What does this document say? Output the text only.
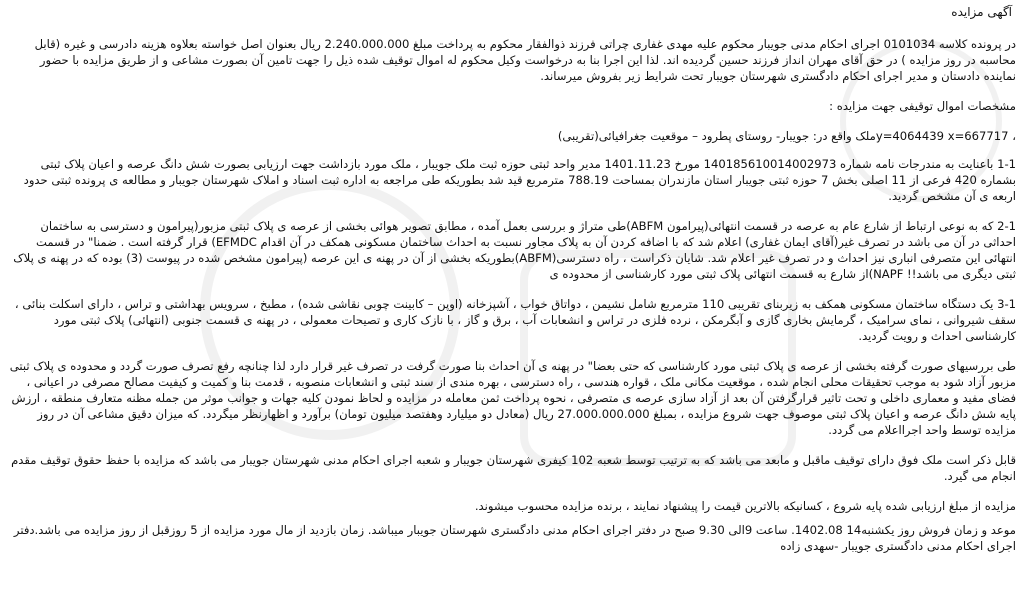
آگهی مزایده
در پرونده کلاسه 0101034 اجرای احکام مدنی جویبار محکوم علیه مهدی غفاری چراتی فرزند ذوالفقار محکوم به پرداخت مبلغ 2.240.000.000 ریال بعنوان اصل خواسته بعلاوه هزینه دادرسی و غیره (قابل محاسبه در روز مزایده ) در حق آقای مهران انداز فرزند حسین گردیده اند. لذا این اجرا بنا به درخواست وکیل محکوم له اموال توقیف شده ذیل را جهت تامین آن بصورت مشاعی و از طریق مزایده با حضور نماینده دادستان و مدیر اجرای احکام دادگستری شهرستان جویبار تحت شرایط زیر بفروش میرساند.
مشخصات اموال توقیفی جهت مزایده :
، y=4064439 x=667717ملک واقع در: جویبار- روستای پطرود – موقعیت جغرافیائی(تقریبی)
1-1 باعنایت به مندرجات نامه شماره 140185610014002973 مورخ 1401.11.23 مدیر واحد ثبتی حوزه ثبت ملک جویبار ، ملک مورد بازداشت جهت ارزیابی بصورت شش دانگ عرصه و اعیان پلاک ثبتی بشماره 420 فرعی از 11 اصلی بخش 7 حوزه ثبتی جویبار استان مازندران بمساحت 788.19 مترمربع قید شد بطوریکه طی مراجعه به اداره ثبت اسناد و املاک شهرستان جویبار و مطالعه ی پرونده ثبتی حدود اربعه ی آن مشخص گردید.
2-1 که به نوعی ارتباط از شارع عام به عرصه در قسمت انتهائی(پیرامون ABFM)طی متراژ و بررسی بعمل آمده ، مطابق تصویر هوائی بخشی از عرصه ی پلاک ثبتی مزبور(پیرامون و دسترسی به ساختمان احداثی در آن می باشد در تصرف غیر(آقای ایمان غفاری) اعلام شد که با اضافه کردن آن به پلاک مجاور نسبت به احداث ساختمان مسکونی همکف در آن اقدام EFMDC) قرار گرفته است . ضمنا" در قسمت انتهائی این متصرفی انباری نیز احداث و در تصرف غیر اعلام شد. شایان ذکراست ، راه دسترسی(ABFM)بطوریکه بخشی از آن در پهنه ی این عرصه (پیرامون مشخص شده در پیوست (3) بوده که در پهنه ی پلاک ثبتی دیگری می باشد!! NAPF)از شارع به قسمت انتهائی پلاک ثبتی مورد کارشناسی از محدوده ی
3-1 یک دستگاه ساختمان مسکونی همکف به زیربنای تقریبی 110 مترمربع شامل نشیمن ، دواتاق خواب ، آشپزخانه (اوپن – کابینت چوبی نقاشی شده) ، مطبخ ، سرویس بهداشتی و تراس ، دارای اسکلت بنائی ، سقف شیروانی ، نمای سرامیک ، گرمایش بخاری گازی و آبگرمکن ، نرده فلزی در تراس و انشعابات آب ، برق و گاز ، با نازک کاری و تصیحات معمولی ، در پهنه ی قسمت جنوبی (انتهائی) پلاک ثبتی مورد کارشناسی احداث و رویت گردید.
طی بررسیهای صورت گرفته بخشی از عرصه ی پلاک ثبتی مورد کارشناسی که حتی بعضا" در پهنه ی آن احداث بنا صورت گرفت در تصرف غیر قرار دارد لذا چنانچه رفع تصرف صورت گردد و محدوده ی پلاک ثبتی مزبور آزاد شود به موجب تحقیقات محلی انجام شده ، موقعیت مکانی ملک ، قواره هندسی ، راه دسترسی ، بهره مندی از سند ثبتی و انشعابات منصوبه ، قدمت بنا و کمیت و کیفیت مصالح مصرفی در اعیانی ، فضای مفید و معماری داخلی و تحت تاثیر قرارگرفتن آن بعد از آزاد سازی عرصه ی متصرفی ، نحوه پرداخت ثمن معامله در مزایده و لحاظ نمودن کلیه جهات و جوانب موثر من جمله مظنه متعارف منطقه ، ارزش پایه شش دانگ عرصه و اعیان پلاک ثبتی موصوف جهت شروع مزایده ، بمبلغ 27.000.000.000 ریال (معادل دو میلیارد وهفتصد میلیون تومان) برآورد و اظهارنظر میگردد. که میزان دقیق مشاعی آن در روز مزایده توسط واحد اجرااعلام می گردد.
قابل ذکر است ملک فوق دارای توقیف ماقبل و مابعد می باشد که به ترتیب توسط شعبه 102 کیفری شهرستان جویبار و شعبه اجرای احکام مدنی شهرستان جویبار می باشد که مزایده با حفظ حقوق توقیف مقدم انجام می گیرد.
مزایده از مبلغ ارزیابی شده پایه شروع ، کسانیکه بالاترین قیمت را پیشنهاد نمایند ، برنده مزایده محسوب میشوند.
موعد و زمان فروش روز یکشنبه14 1402.08. ساعت 9الی 9.30 صبح در دفتر اجرای احکام مدنی دادگستری شهرستان جویبار میباشد. زمان بازدید از مال مورد مزایده از 5 روزقبل از روز مزایده می باشد.دفتر اجرای احکام مدنی دادگستری جویبار -سهدی زاده
